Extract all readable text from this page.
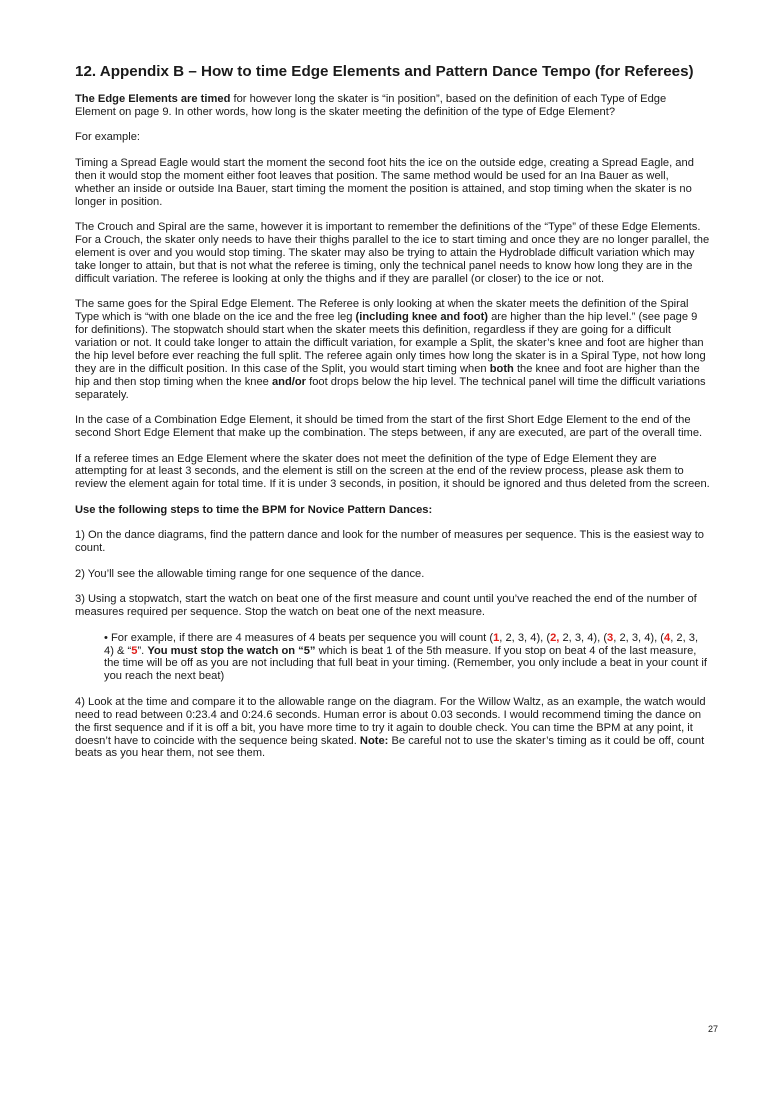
12. Appendix B – How to time Edge Elements and Pattern Dance Tempo (for Referees)

The Edge Elements are timed for however long the skater is “in position”, based on the definition of each Type of Edge Element on page 9. In other words, how long is the skater meeting the definition of the type of Edge Element?

For example:

Timing a Spread Eagle would start the moment the second foot hits the ice on the outside edge, creating a Spread Eagle, and then it would stop the moment either foot leaves that position. The same method would be used for an Ina Bauer as well, whether an inside or outside Ina Bauer, start timing the moment the position is attained, and stop timing when the skater is no longer in position.

The Crouch and Spiral are the same, however it is important to remember the definitions of the “Type” of these Edge Elements. For a Crouch, the skater only needs to have their thighs parallel to the ice to start timing and once they are no longer parallel, the element is over and you would stop timing. The skater may also be trying to attain the Hydroblade difficult variation which may take longer to attain, but that is not what the referee is timing, only the technical panel needs to know how long they are in the difficult variation. The referee is looking at only the thighs and if they are parallel (or closer) to the ice or not.

The same goes for the Spiral Edge Element. The Referee is only looking at when the skater meets the definition of the Spiral Type which is “with one blade on the ice and the free leg (including knee and foot) are higher than the hip level.” (see page 9 for definitions). The stopwatch should start when the skater meets this definition, regardless if they are going for a difficult variation or not. It could take longer to attain the difficult variation, for example a Split, the skater’s knee and foot are higher than the hip level before ever reaching the full split. The referee again only times how long the skater is in a Spiral Type, not how long they are in the difficult position. In this case of the Split, you would start timing when both the knee and foot are higher than the hip and then stop timing when the knee and/or foot drops below the hip level. The technical panel will time the difficult variations separately.

In the case of a Combination Edge Element, it should be timed from the start of the first Short Edge Element to the end of the second Short Edge Element that make up the combination. The steps between, if any are executed, are part of the overall time.

If a referee times an Edge Element where the skater does not meet the definition of the type of Edge Element they are attempting for at least 3 seconds, and the element is still on the screen at the end of the review process, please ask them to review the element again for total time. If it is under 3 seconds, in position, it should be ignored and thus deleted from the screen.

Use the following steps to time the BPM for Novice Pattern Dances:

1) On the dance diagrams, find the pattern dance and look for the number of measures per sequence. This is the easiest way to count.

2) You’ll see the allowable timing range for one sequence of the dance.

3) Using a stopwatch, start the watch on beat one of the first measure and count until you’ve reached the end of the number of measures required per sequence. Stop the watch on beat one of the next measure.

• For example, if there are 4 measures of 4 beats per sequence you will count (1, 2, 3, 4), (2, 2, 3, 4), (3, 2, 3, 4), (4, 2, 3, 4) & “5”. You must stop the watch on “5” which is beat 1 of the 5th measure. If you stop on beat 4 of the last measure, the time will be off as you are not including that full beat in your timing. (Remember, you only include a beat in your count if you reach the next beat)

4) Look at the time and compare it to the allowable range on the diagram. For the Willow Waltz, as an example, the watch would need to read between 0:23.4 and 0:24.6 seconds. Human error is about 0.03 seconds. I would recommend timing the dance on the first sequence and if it is off a bit, you have more time to try it again to double check. You can time the BPM at any point, it doesn’t have to coincide with the sequence being skated. Note: Be careful not to use the skater’s timing as it could be off, count beats as you hear them, not see them.

27
